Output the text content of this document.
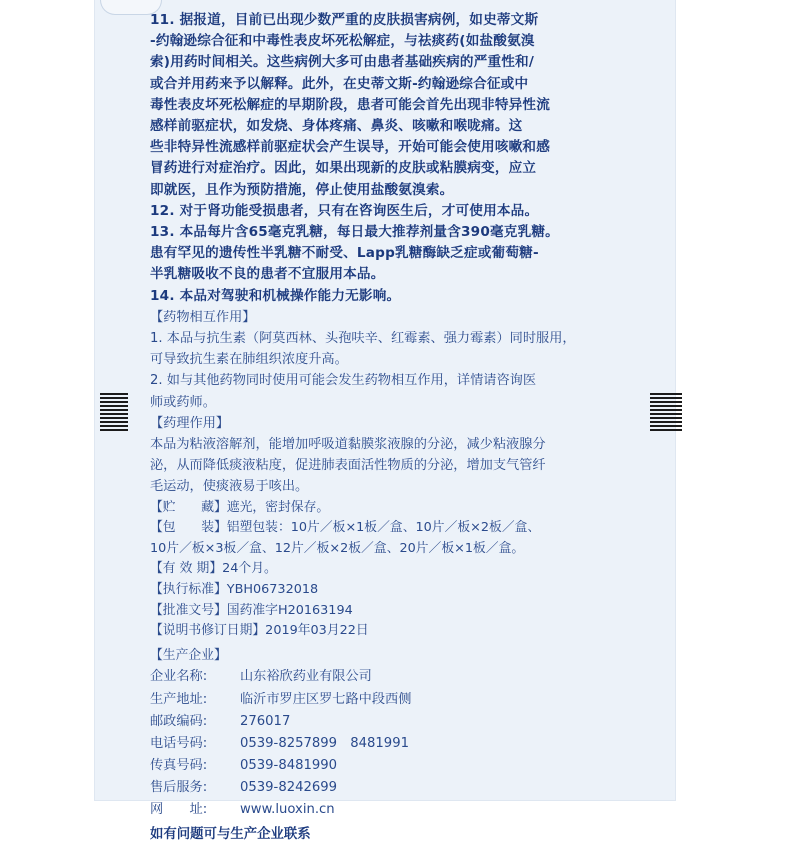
11. 据报道，目前已出现少数严重的皮肤损害病例，如史蒂文斯
-约翰逊综合征和中毒性表皮坏死松解症，与祛痰药(如盐酸氨溴
索)用药时间相关。这些病例大多可由患者基础疾病的严重性和/
或合并用药来予以解释。此外，在史蒂文斯-约翰逊综合征或中
毒性表皮坏死松解症的早期阶段，患者可能会首先出现非特异性流
感样前驱症状，如发烧、身体疼痛、鼻炎、咳嗽和喉咙痛。这
些非特异性流感样前驱症状会产生误导，开始可能会使用咳嗽和感
冒药进行对症治疗。因此，如果出现新的皮肤或粘膜病变，应立
即就医，且作为预防措施，停止使用盐酸氨溴索。
12. 对于肾功能受损患者，只有在咨询医生后，才可使用本品。
13. 本品每片含65毫克乳糖，每日最大推荐剂量含390毫克乳糖。
患有罕见的遗传性半乳糖不耐受、Lapp乳糖酶缺乏症或葡萄糖-
半乳糖吸收不良的患者不宜服用本品。
14. 本品对驾驶和机械操作能力无影响。
【药物相互作用】
1. 本品与抗生素（阿莫西林、头孢呋辛、红霉素、强力霉素）同时服用，
可导致抗生素在肺组织浓度升高。
2. 如与其他药物同时使用可能会发生药物相互作用，详情请咨询医
师或药师。
【药理作用】
本品为粘液溶解剂，能增加呼吸道黏膜浆液腺的分泌，减少粘液腺分
泌，从而降低痰液粘度，促进肺表面活性物质的分泌，增加支气管纤
毛运动，使痰液易于咳出。
【贮　　藏】遮光，密封保存。
【包　　装】铝塑包装：10片／板×1板／盒、10片／板×2板／盒、
10片／板×3板／盒、12片／板×2板／盒、20片／板×1板／盒。
【有 效 期】24个月。
【执行标准】YBH06732018
【批准文号】国药准字H20163194
【说明书修订日期】2019年03月22日
【生产企业】
企业名称: 山东裕欣药业有限公司
生产地址: 临沂市罗庄区罗七路中段西侧
邮政编码: 276017
电话号码: 0539-8257899　8481991
传真号码: 0539-8481990
售后服务: 0539-8242699
网　　址: www.luoxin.cn
如有问题可与生产企业联系
